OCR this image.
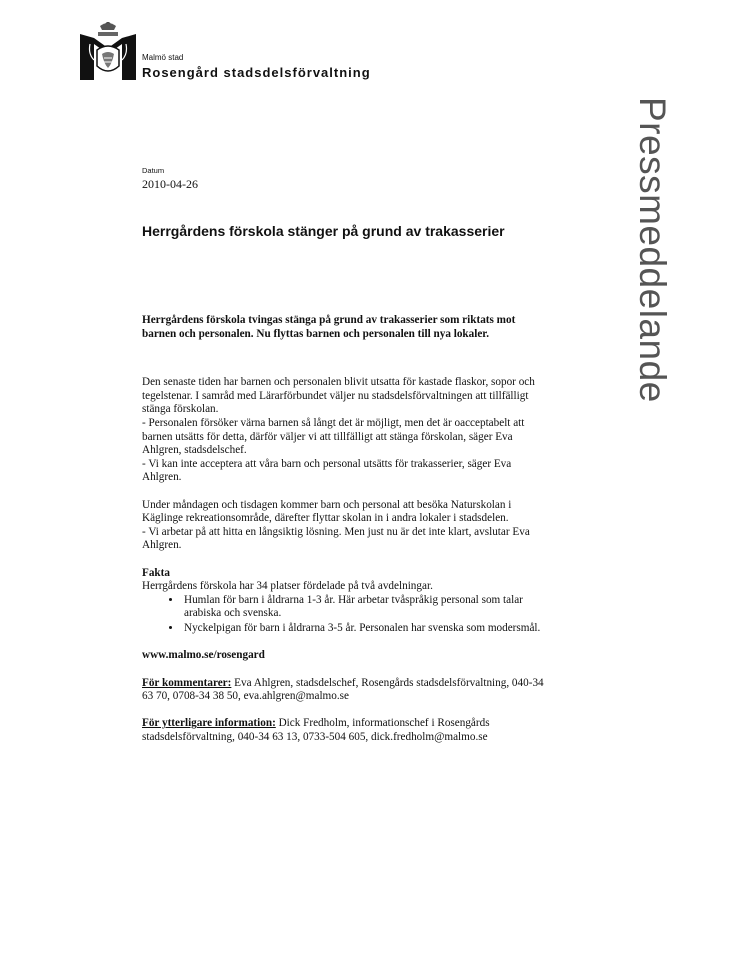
Malmö stad
Rosengård stadsdelsförvaltning
Pressmeddelande
Datum
2010-04-26
Herrgårdens förskola stänger på grund av trakasserier

Herrgårdens förskola tvingas stänga på grund av trakasserier som riktats mot barnen och personalen. Nu flyttas barnen och personalen till nya lokaler.

Den senaste tiden har barnen och personalen blivit utsatta för kastade flaskor, sopor och tegelstenar. I samråd med Lärarförbundet väljer nu stadsdelsförvaltningen att tillfälligt stänga förskolan.

- Personalen försöker värna barnen så långt det är möjligt, men det är oacceptabelt att barnen utsätts för detta, därför väljer vi att tillfälligt att stänga förskolan, säger Eva Ahlgren, stadsdelschef.

- Vi kan inte acceptera att våra barn och personal utsätts för trakasserier, säger Eva Ahlgren.

Under måndagen och tisdagen kommer barn och personal att besöka Naturskolan i Käglinge rekreationsområde, därefter flyttar skolan in i andra lokaler i stadsdelen.

- Vi arbetar på att hitta en långsiktig lösning. Men just nu är det inte klart, avslutar Eva Ahlgren.

Fakta

Herrgårdens förskola har 34 platser fördelade på två avdelningar.

• Humlan för barn i åldrarna 1-3 år. Här arbetar tvåspråkig personal som talar arabiska och svenska.
• Nyckelpigan för barn i åldrarna 3-5 år. Personalen har svenska som modersmål.

www.malmo.se/rosengard

För kommentarer: Eva Ahlgren, stadsdelschef, Rosengårds stadsdelsförvaltning, 040-34 63 70, 0708-34 38 50, eva.ahlgren@malmo.se

För ytterligare information: Dick Fredholm, informationschef i Rosengårds stadsdelsförvaltning, 040-34 63 13, 0733-504 605, dick.fredholm@malmo.se
